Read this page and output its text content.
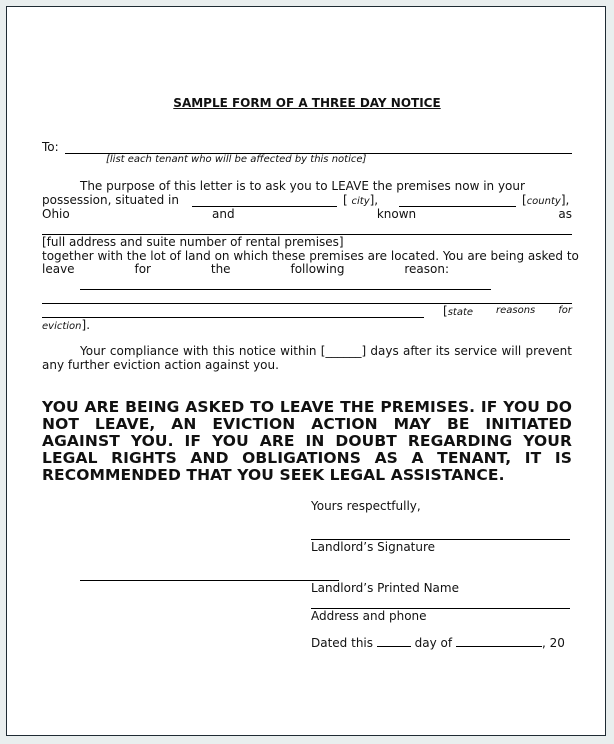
SAMPLE FORM OF A THREE DAY NOTICE
To:
[list each tenant who will be affected by this notice]
The purpose of this letter is to ask you to LEAVE the premises now in your
possession, situated in	[ city],	[county],
Ohio	and	known	as
[full address and suite number of rental premises]
together with the lot of land on which these premises are located. You are being asked to
leave	for	the	following	reason:
[state reasons for
eviction].
Your compliance with this notice within [______] days after its service will prevent any further eviction action against you.
YOU ARE BEING ASKED TO LEAVE THE PREMISES. IF YOU DO NOT LEAVE, AN EVICTION ACTION MAY BE INITIATED AGAINST YOU. IF YOU ARE IN DOUBT REGARDING YOUR LEGAL RIGHTS AND OBLIGATIONS AS A TENANT, IT IS RECOMMENDED THAT YOU SEEK LEGAL ASSISTANCE.
Yours respectfully,
Landlord’s Signature
Landlord’s Printed Name
Address and phone
Dated this	day of	, 20
